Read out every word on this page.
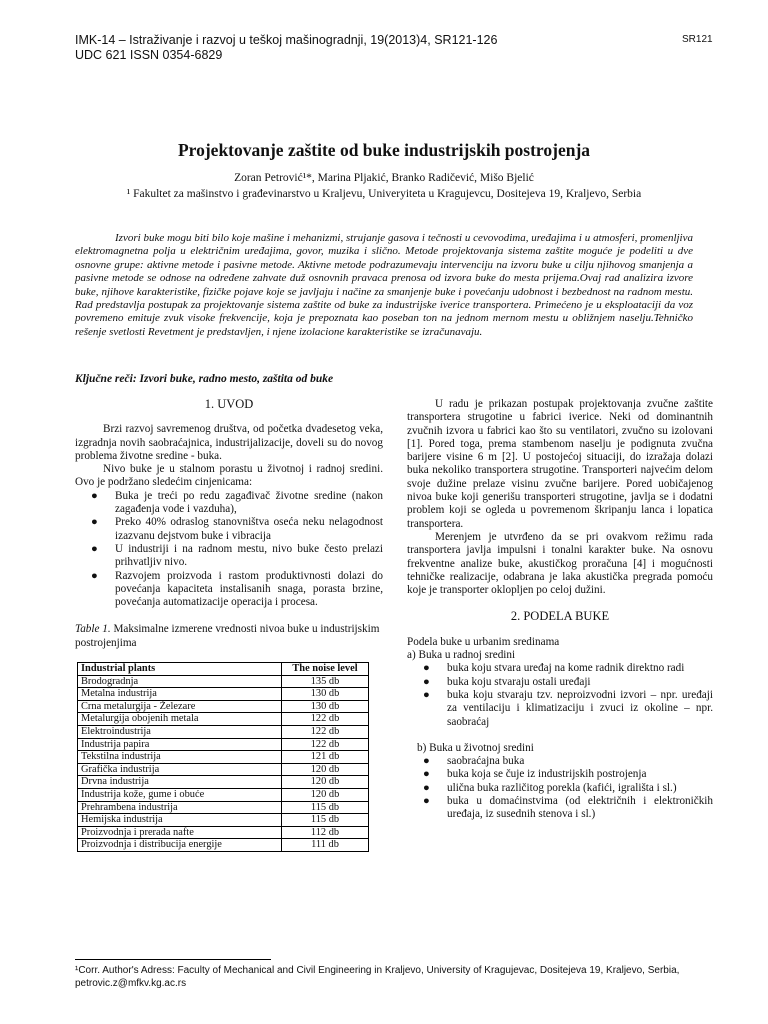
IMK-14 – Istraživanje i razvoj u teškoj mašinogradnji, 19(2013)4, SR121-126
UDC 621 ISSN 0354-6829
SR121
Projektovanje zaštite od buke industrijskih postrojenja
Zoran Petrović¹*, Marina Pljakić, Branko Radičević, Mišo Bjelić
¹ Fakultet za mašinstvo i građevinarstvo u Kraljevu, Univeryiteta u Kragujevcu, Dositejeva 19, Kraljevo, Serbia

Izvori buke mogu biti bilo koje mašine i mehanizmi, strujanje gasova i tečnosti u cevovodima, uređajima i u atmosferi, promenljiva elektromagnetna polja u električnim uređajima, govor, muzika i slično. Metode projektovanja sistema zaštite moguće je podeliti u dve osnovne grupe: aktivne metode i pasivne metode. Aktivne metode podrazumevaju intervenciju na izvoru buke u cilju njihovog smanjenja a pasivne metode se odnose na određene zahvate duž osnovnih pravaca prenosa od izvora buke do mesta prijema.Ovaj rad analizira izvore buke, njihove karakteristike, fizičke pojave koje se javljaju i načine za smanjenje buke i povećanju udobnost i bezbednost na radnom mestu. Rad predstavlja postupak za projektovanje sistema zaštite od buke za industrijske iverice transportera. Primećeno je u eksploataciji da voz povremeno emituje zvuk visoke frekvencije, koja je prepoznata kao poseban ton na jednom mernom mestu u obližnjem naselju.Tehničko rešenje svetlosti Revetment je predstavljen, i njene izolacione karakteristike se izračunavaju.

Ključne reči: Izvori buke, radno mesto, zaštita od buke
1. UVOD

Brzi razvoj savremenog društva, od početka dvadesetog veka, izgradnja novih saobraćajnica, industrijalizacije, doveli su do novog problema životne sredine - buka.

Nivo buke je u stalnom porastu u životnoj i radnoj sredini. Ovo je podržano sledećim cinjenicama:

● Buka je treći po redu zagađivač životne sredine (nakon zagađenja vode i vazduha),
● Preko 40% odraslog stanovništva oseća neku nelagodnost izazvanu dejstvom buke i vibracija
● U industriji i na radnom mestu, nivo buke često prelazi prihvatljiv nivo.
● Razvojem proizvoda i rastom produktivnosti dolazi do povećanja kapaciteta instalisanih snaga, porasta brzine, povećanja automatizacije operacija i procesa.
Table 1. Maksimalne izmerene vrednosti nivoa buke u industrijskim postrojenjima
Industrial plants	The noise level
Brodogradnja	135 db
Metalna industrija	130 db
Crna metalurgija - Železare	130 db
Metalurgija obojenih metala	122 db
Elektroindustrija	122 db
Industrija papira	122 db
Tekstilna industrija	121 db
Grafička industrija	120 db
Drvna industrija	120 db
Industrija kože, gume i obuće	120 db
Prehrambena industrija	115 db
Hemijska industrija	115 db
Proizvodnja i prerada nafte	112 db
Proizvodnja i distribucija energije	111 db

U radu je prikazan postupak projektovanja zvučne zaštite transportera strugotine u fabrici iverice. Neki od dominantnih zvučnih izvora u fabrici kao što su ventilatori, zvučno su izolovani [1]. Pored toga, prema stambenom naselju je podignuta zvučna barijere visine 6 m [2]. U postojećoj situaciji, do izražaja dolazi buka nekoliko transportera strugotine. Transporteri najvećim delom svoje dužine prelaze visinu zvučne barijere. Pored uobičajenog nivoa buke koji generišu transporteri strugotine, javlja se i dodatni problem koji se ogleda u povremenom škripanju lanca i lopatica transportera.

Merenjem je utvrđeno da se pri ovakvom režimu rada transportera javlja impulsni i tonalni karakter buke. Na osnovu frekventne analize buke, akustičkog proračuna [4] i mogućnosti tehničke realizacije, odabrana je laka akustička pregrada pomoću koje je transporter okloplјen po celoj dužini.

2. PODELA BUKE
Podela buke u urbanim sredinama
a) Buka u radnoj sredini
● buka koju stvara uređaj na kome radnik direktno radi
● buka koju stvaraju ostali uređaji
● buka koju stvaraju tzv. neproizvodni izvori – npr. uređaji za ventilaciju i klimatizaciju i zvuci iz okoline – npr. saobraćaj
b) Buka u životnoj sredini
● saobraćajna buka
● buka koja se čuje iz industrijskih postrojenja
● ulična buka različitog porekla (kafići, igrališta i sl.)
● buka u domaćinstvima (od električnih i elektroničkih uređaja, iz susednih stenova i sl.)
¹Corr. Author's Adress: Faculty of Mechanical and Civil Engineering in Kraljevo, University of Kragujevac, Dositejeva 19, Kraljevo, Serbia, petrovic.z@mfkv.kg.ac.rs
